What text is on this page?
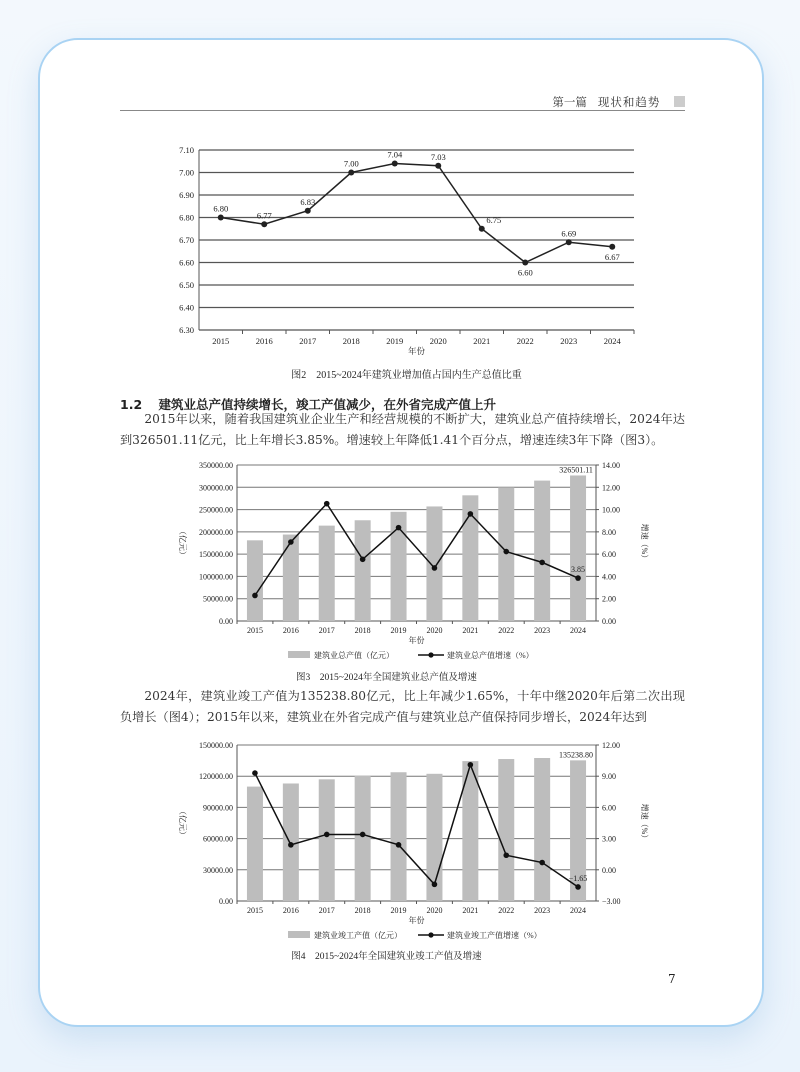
第一篇 现状和趋势
6.30
6.40
6.50
6.60
6.70
6.80
6.90
7.00
7.10
2015	2016	2017	2018	2019	2020	2021	2022	2023	2024
年份
6.80
6.77
6.83
7.00
7.04	7.03
6.75
6.60
6.69
6.67
图2　2015~2024年建筑业增加值占国内生产总值比重
1.2 建筑业总产值持续增长，竣工产值减少，在外省完成产值上升
2015年以来，随着我国建筑业企业生产和经营规模的不断扩大，建筑业总产值持续增长，2024年达到326501.11亿元，比上年增长3.85%。增速较上年降低1.41个百分点，增速连续3年下降（图3）。
0.00
50000.00
100000.00
150000.00
200000.00
250000.00
300000.00
350000.00
0.00
2.00
4.00
6.00
8.00
10.00
12.00
14.00
2015 2016 2017 2018 2019 2020 2021 2022 2023 2024
年份
326501.11
3.85
（亿元）	增速（%）
建筑业总产值（亿元）	建筑业总产值增速（%）
图3　2015~2024年全国建筑业总产值及增速
2024年，建筑业竣工产值为135238.80亿元，比上年减少1.65%，十年中继2020年后第二次出现负增长（图4）；2015年以来，建筑业在外省完成产值与建筑业总产值保持同步增长，2024年达到
0.00
30000.00
60000.00
90000.00
120000.00
150000.00
−3.00
0.00
3.00
6.00
9.00
12.00
2015 2016 2017 2018 2019 2020 2021 2022 2023 2024
年份
135238.80
−1.65
（亿元）	增速（%）
建筑业竣工产值（亿元）	建筑业竣工产值增速（%）
图4　2015~2024年全国建筑业竣工产值及增速
7
